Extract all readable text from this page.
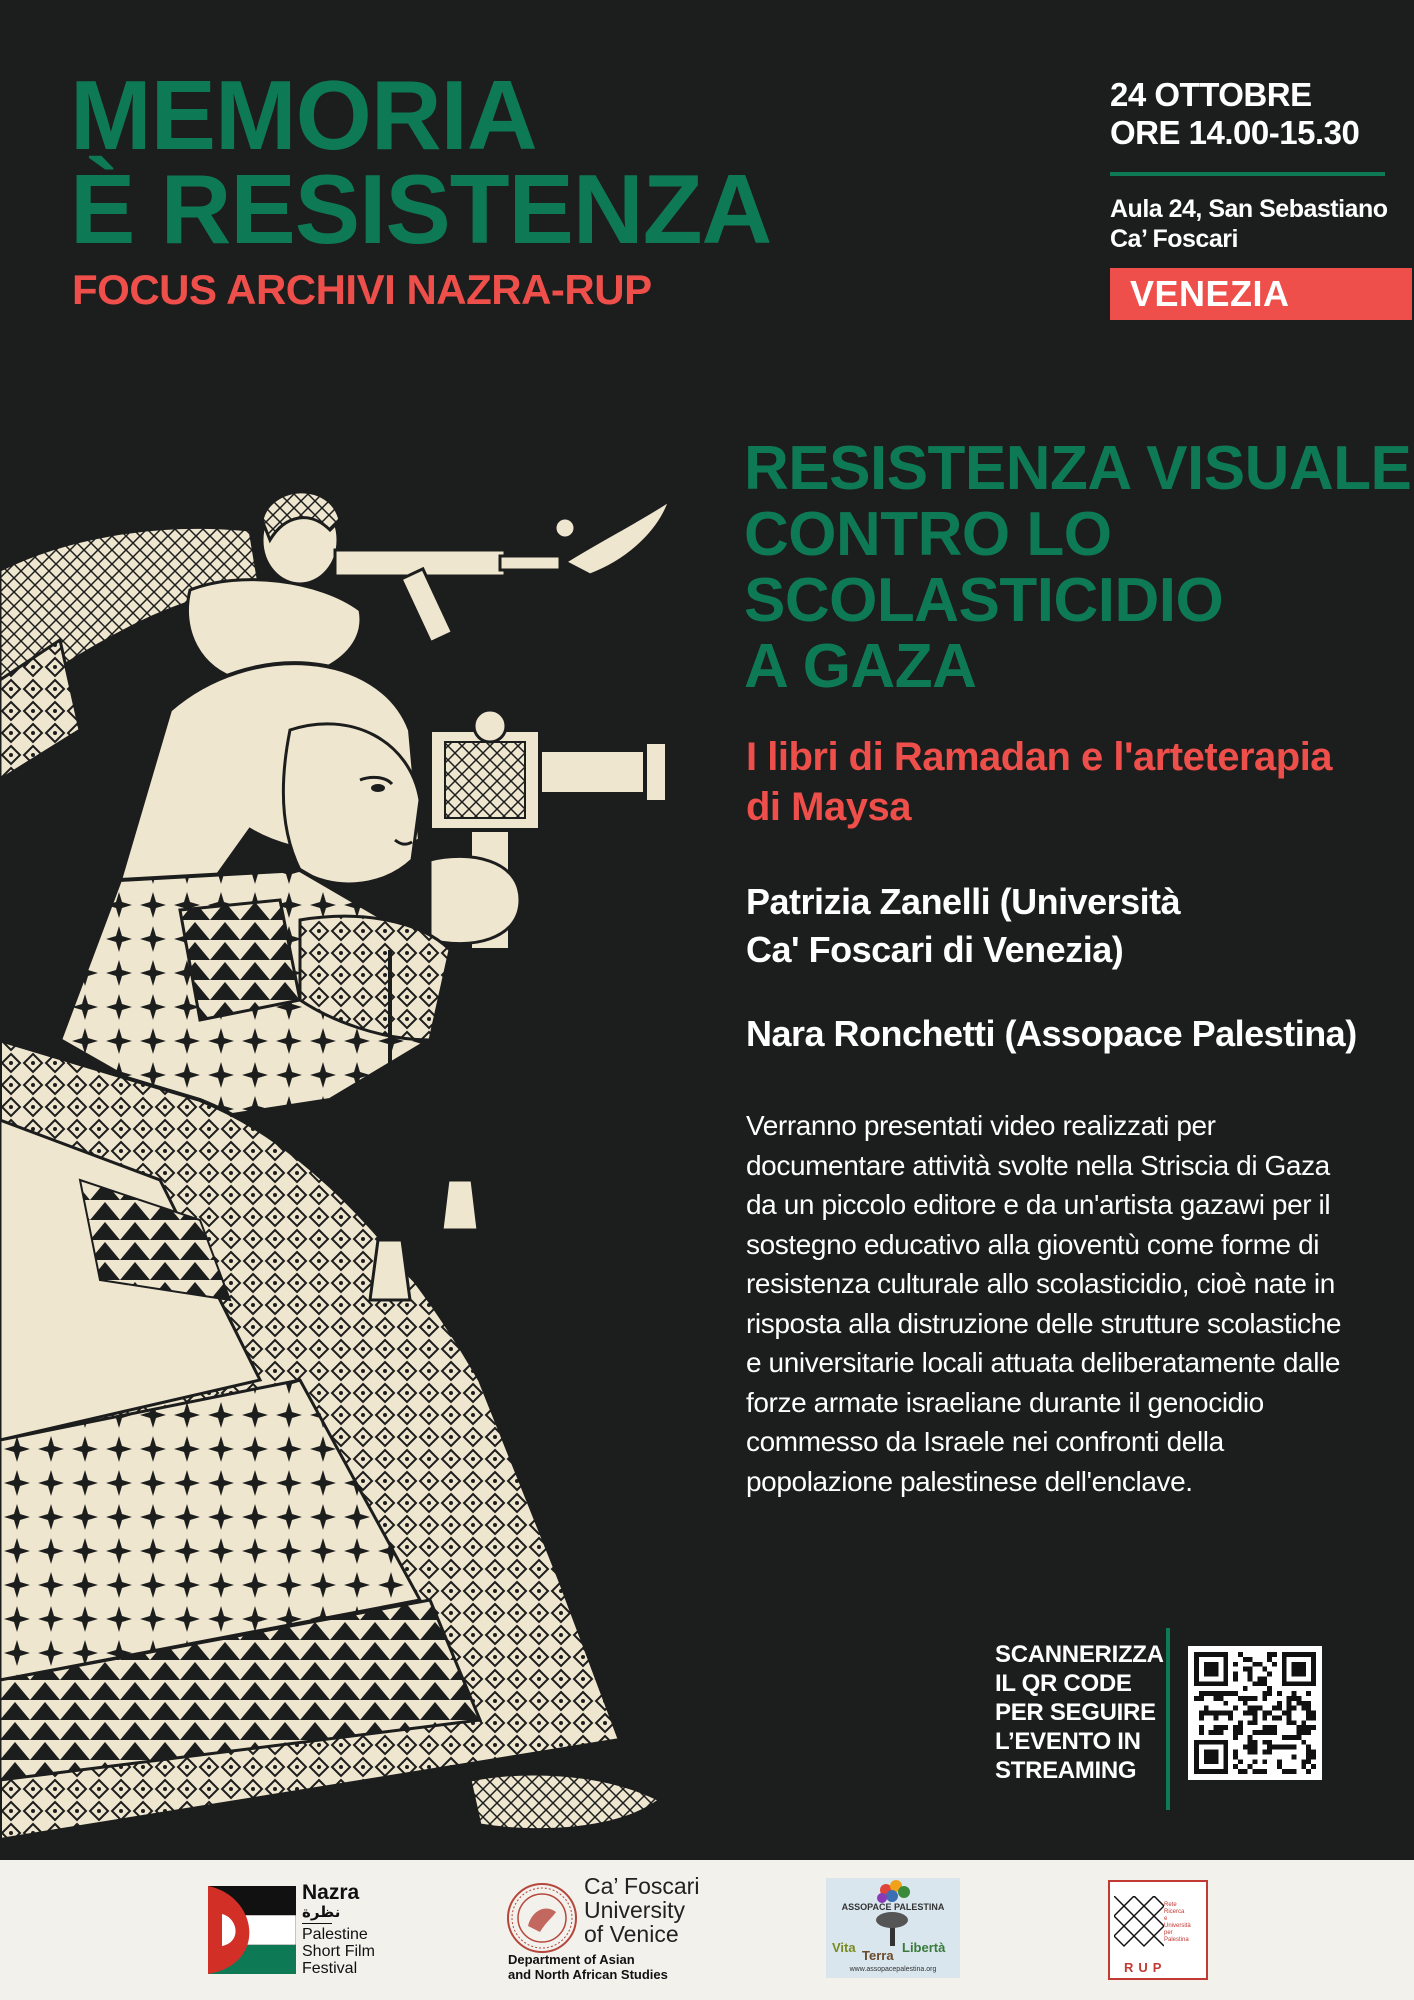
MEMORIA
È RESISTENZA
FOCUS ARCHIVI NAZRA-RUP
24 OTTOBRE
ORE 14.00-15.30
Aula 24, San Sebastiano
Ca’ Foscari
VENEZIA
RESISTENZA VISUALE
CONTRO LO
SCOLASTICIDIO
A GAZA
I libri di Ramadan e l'arteterapia
di Maysa
Patrizia Zanelli (Università
Ca' Foscari di Venezia)
Nara Ronchetti (Assopace Palestina)
Verranno presentati video realizzati per
documentare attività svolte nella Striscia di Gaza
da un piccolo editore e da un'artista gazawi per il
sostegno educativo alla gioventù come forme di
resistenza culturale allo scolasticidio, cioè nate in
risposta alla distruzione delle strutture scolastiche
e universitarie locali attuata deliberatamente dalle
forze armate israeliane durante il genocidio
commesso da Israele nei confronti della
popolazione palestinese dell'enclave.
SCANNERIZZA
IL QR CODE
PER SEGUIRE
L’EVENTO IN
STREAMING
Nazra
نظرة
Palestine
Short Film
Festival
Ca’ Foscari
University
of Venice
Department of Asian
and North African Studies
ASSOPACE PALESTINA
Vita
Terra
Libertà
www.assopacepalestina.org
Rete
Ricerca
e
Università
per
Palestina
RUP
